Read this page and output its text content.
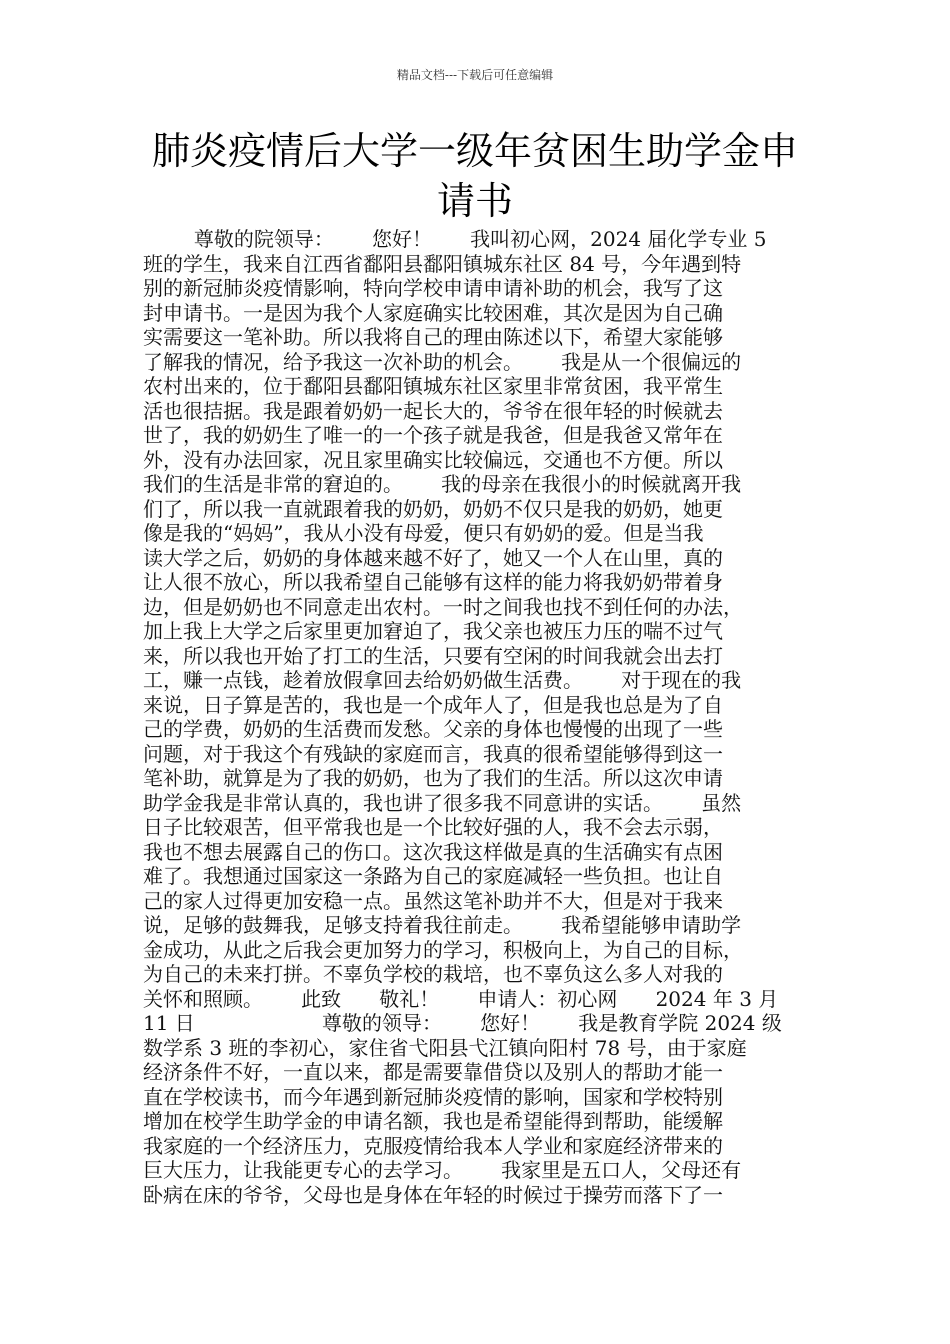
精品文档---下载后可任意编辑
肺炎疫情后大学一级年贫困生助学金申
请书
尊敬的院领导：      您好！      我叫初心网，2024 届化学专业 5
班的学生，我来自江西省鄱阳县鄱阳镇城东社区 84 号，今年遇到特
别的新冠肺炎疫情影响，特向学校申请申请补助的机会，我写了这
封申请书。一是因为我个人家庭确实比较困难，其次是因为自己确
实需要这一笔补助。所以我将自己的理由陈述以下，希望大家能够
了解我的情况，给予我这一次补助的机会。      我是从一个很偏远的
农村出来的，位于鄱阳县鄱阳镇城东社区家里非常贫困，我平常生
活也很拮据。我是跟着奶奶一起长大的，爷爷在很年轻的时候就去
世了，我的奶奶生了唯一的一个孩子就是我爸，但是我爸又常年在
外，没有办法回家，况且家里确实比较偏远，交通也不方便。所以
我们的生活是非常的窘迫的。      我的母亲在我很小的时候就离开我
们了，所以我一直就跟着我的奶奶，奶奶不仅只是我的奶奶，她更
像是我的“妈妈”，我从小没有母爱，便只有奶奶的爱。但是当我
读大学之后，奶奶的身体越来越不好了，她又一个人在山里，真的
让人很不放心，所以我希望自己能够有这样的能力将我奶奶带着身
边，但是奶奶也不同意走出农村。一时之间我也找不到任何的办法，
加上我上大学之后家里更加窘迫了，我父亲也被压力压的喘不过气
来，所以我也开始了打工的生活，只要有空闲的时间我就会出去打
工，赚一点钱，趁着放假拿回去给奶奶做生活费。      对于现在的我
来说，日子算是苦的，我也是一个成年人了，但是我也总是为了自
己的学费，奶奶的生活费而发愁。父亲的身体也慢慢的出现了一些
问题，对于我这个有残缺的家庭而言，我真的很希望能够得到这一
笔补助，就算是为了我的奶奶，也为了我们的生活。所以这次申请
助学金我是非常认真的，我也讲了很多我不同意讲的实话。      虽然
日子比较艰苦，但平常我也是一个比较好强的人，我不会去示弱，
我也不想去展露自己的伤口。这次我这样做是真的生活确实有点困
难了。我想通过国家这一条路为自己的家庭减轻一些负担。也让自
己的家人过得更加安稳一点。虽然这笔补助并不大，但是对于我来
说，足够的鼓舞我，足够支持着我往前走。      我希望能够申请助学
金成功，从此之后我会更加努力的学习，积极向上，为自己的目标，
为自己的未来打拼。不辜负学校的栽培，也不辜负这么多人对我的
关怀和照顾。      此致      敬礼！      申请人：初心网      2024 年 3 月
11 日                    尊敬的领导：      您好！      我是教育学院 2024 级
数学系 3 班的李初心，家住省弋阳县弋江镇向阳村 78 号，由于家庭
经济条件不好，一直以来，都是需要靠借贷以及别人的帮助才能一
直在学校读书，而今年遇到新冠肺炎疫情的影响，国家和学校特别
增加在校学生助学金的申请名额，我也是希望能得到帮助，能缓解
我家庭的一个经济压力，克服疫情给我本人学业和家庭经济带来的
巨大压力，让我能更专心的去学习。      我家里是五口人，父母还有
卧病在床的爷爷，父母也是身体在年轻的时候过于操劳而落下了一
